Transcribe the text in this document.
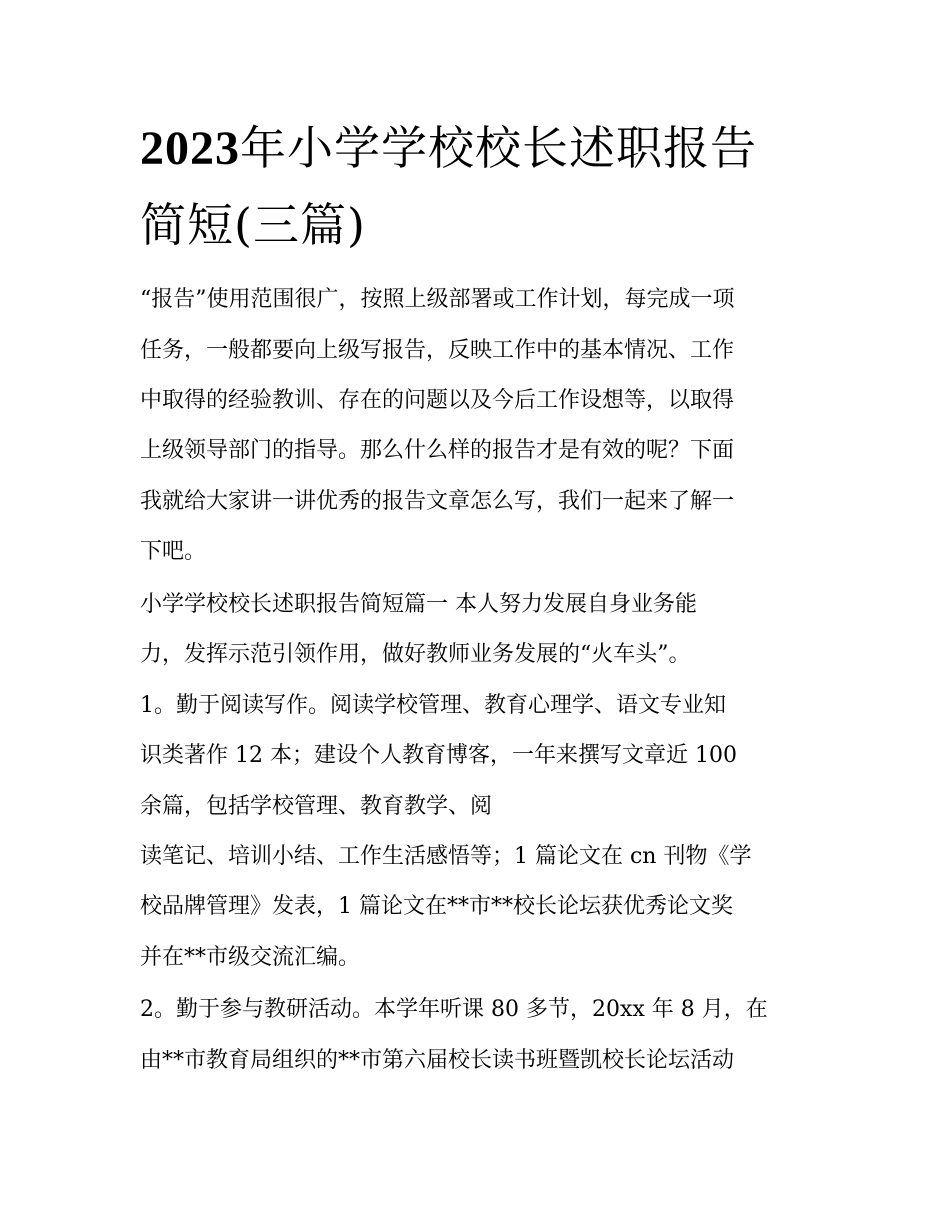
2023年小学学校校长述职报告
简短(三篇)

“报告”使用范围很广，按照上级部署或工作计划，每完成一项

任务，一般都要向上级写报告，反映工作中的基本情况、工作

中取得的经验教训、存在的问题以及今后工作设想等，以取得

上级领导部门的指导。那么什么样的报告才是有效的呢？下面

我就给大家讲一讲优秀的报告文章怎么写，我们一起来了解一

下吧。

小学学校校长述职报告简短篇一 本人努力发展自身业务能

力，发挥示范引领作用，做好教师业务发展的“火车头”。

1。勤于阅读写作。阅读学校管理、教育心理学、语文专业知

识类著作 12 本；建设个人教育博客，一年来撰写文章近 100

余篇，包括学校管理、教育教学、阅

读笔记、培训小结、工作生活感悟等；1 篇论文在 cn 刊物《学

校品牌管理》发表，1 篇论文在**市**校长论坛获优秀论文奖

并在**市级交流汇编。

2。勤于参与教研活动。本学年听课 80 多节，20xx 年 8 月，在

由**市教育局组织的**市第六届校长读书班暨凯校长论坛活动
